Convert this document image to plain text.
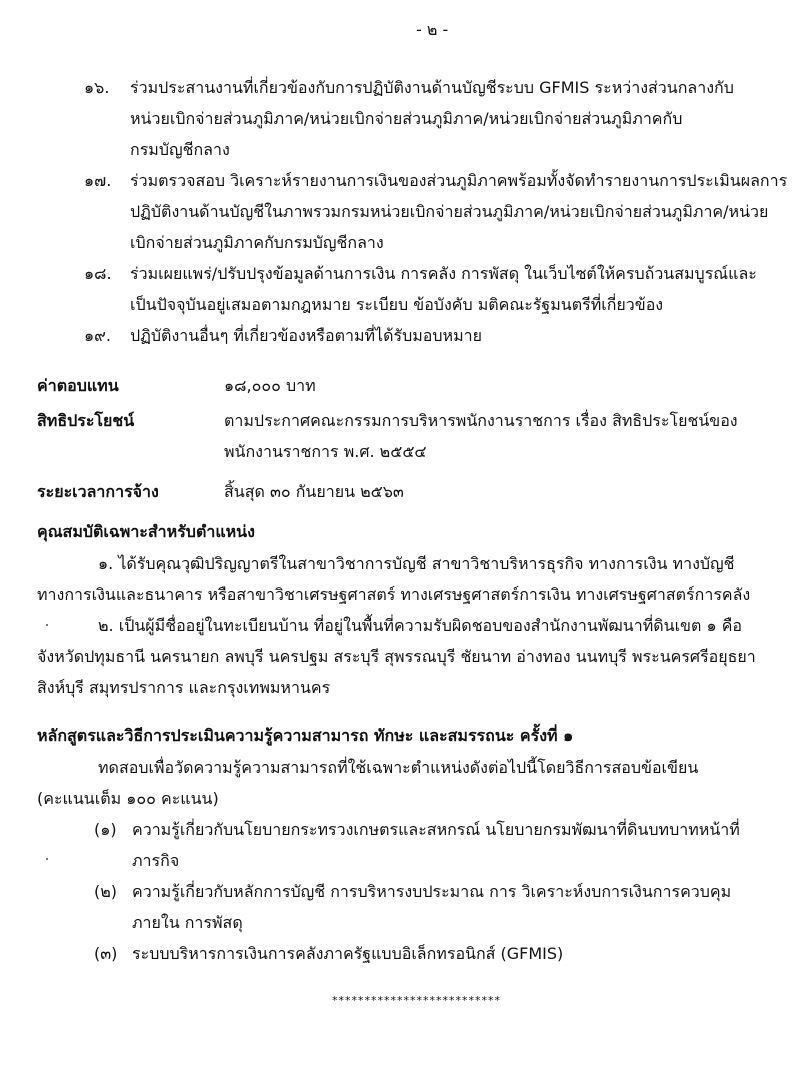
- ๒ -
๑๖. ร่วมประสานงานที่เกี่ยวข้องกับการปฏิบัติงานด้านบัญชีระบบ GFMIS ระหว่างส่วนกลางกับ
หน่วยเบิกจ่ายส่วนภูมิภาค/หน่วยเบิกจ่ายส่วนภูมิภาค/หน่วยเบิกจ่ายส่วนภูมิภาคกับ
กรมบัญชีกลาง
๑๗. ร่วมตรวจสอบ วิเคราะห์รายงานการเงินของส่วนภูมิภาคพร้อมทั้งจัดทำรายงานการประเมินผลการ
ปฏิบัติงานด้านบัญชีในภาพรวมกรมหน่วยเบิกจ่ายส่วนภูมิภาค/หน่วยเบิกจ่ายส่วนภูมิภาค/หน่วย
เบิกจ่ายส่วนภูมิภาคกับกรมบัญชีกลาง
๑๘. ร่วมเผยแพร่/ปรับปรุงข้อมูลด้านการเงิน การคลัง การพัสดุ ในเว็บไซต์ให้ครบถ้วนสมบูรณ์และ
เป็นปัจจุบันอยู่เสมอตามกฎหมาย ระเบียบ ข้อบังคับ มติคณะรัฐมนตรีที่เกี่ยวข้อง
๑๙. ปฏิบัติงานอื่นๆ ที่เกี่ยวข้องหรือตามที่ได้รับมอบหมาย
ค่าตอบแทน	๑๘,๐๐๐ บาท
สิทธิประโยชน์	ตามประกาศคณะกรรมการบริหารพนักงานราชการ เรื่อง สิทธิประโยชน์ของ
พนักงานราชการ พ.ศ. ๒๕๕๔
ระยะเวลาการจ้าง	สิ้นสุด ๓๐ กันยายน ๒๕๖๓
คุณสมบัติเฉพาะสำหรับตำแหน่ง
๑. ได้รับคุณวุฒิปริญญาตรีในสาขาวิชาการบัญชี สาขาวิชาบริหารธุรกิจ ทางการเงิน ทางบัญชี
ทางการเงินและธนาคาร หรือสาขาวิชาเศรษฐศาสตร์ ทางเศรษฐศาสตร์การเงิน ทางเศรษฐศาสตร์การคลัง
๒. เป็นผู้มีชื่ออยู่ในทะเบียนบ้าน ที่อยู่ในพื้นที่ความรับผิดชอบของสำนักงานพัฒนาที่ดินเขต ๑ คือ
จังหวัดปทุมธานี นครนายก ลพบุรี นครปฐม สระบุรี สุพรรณบุรี ชัยนาท อ่างทอง นนทบุรี พระนครศรีอยุธยา
สิงห์บุรี สมุทรปราการ และกรุงเทพมหานคร
หลักสูตรและวิธีการประเมินความรู้ความสามารถ ทักษะ และสมรรถนะ ครั้งที่ ๑
ทดสอบเพื่อวัดความรู้ความสามารถที่ใช้เฉพาะตำแหน่งดังต่อไปนี้โดยวิธีการสอบข้อเขียน
(คะแนนเต็ม ๑๐๐ คะแนน)
(๑) ความรู้เกี่ยวกับนโยบายกระทรวงเกษตรและสหกรณ์ นโยบายกรมพัฒนาที่ดินบทบาทหน้าที่
ภารกิจ
(๒) ความรู้เกี่ยวกับหลักการบัญชี การบริหารงบประมาณ การ วิเคราะห์งบการเงินการควบคุม
ภายใน การพัสดุ
(๓) ระบบบริหารการเงินการคลังภาครัฐแบบอิเล็กทรอนิกส์ (GFMIS)
**************************
